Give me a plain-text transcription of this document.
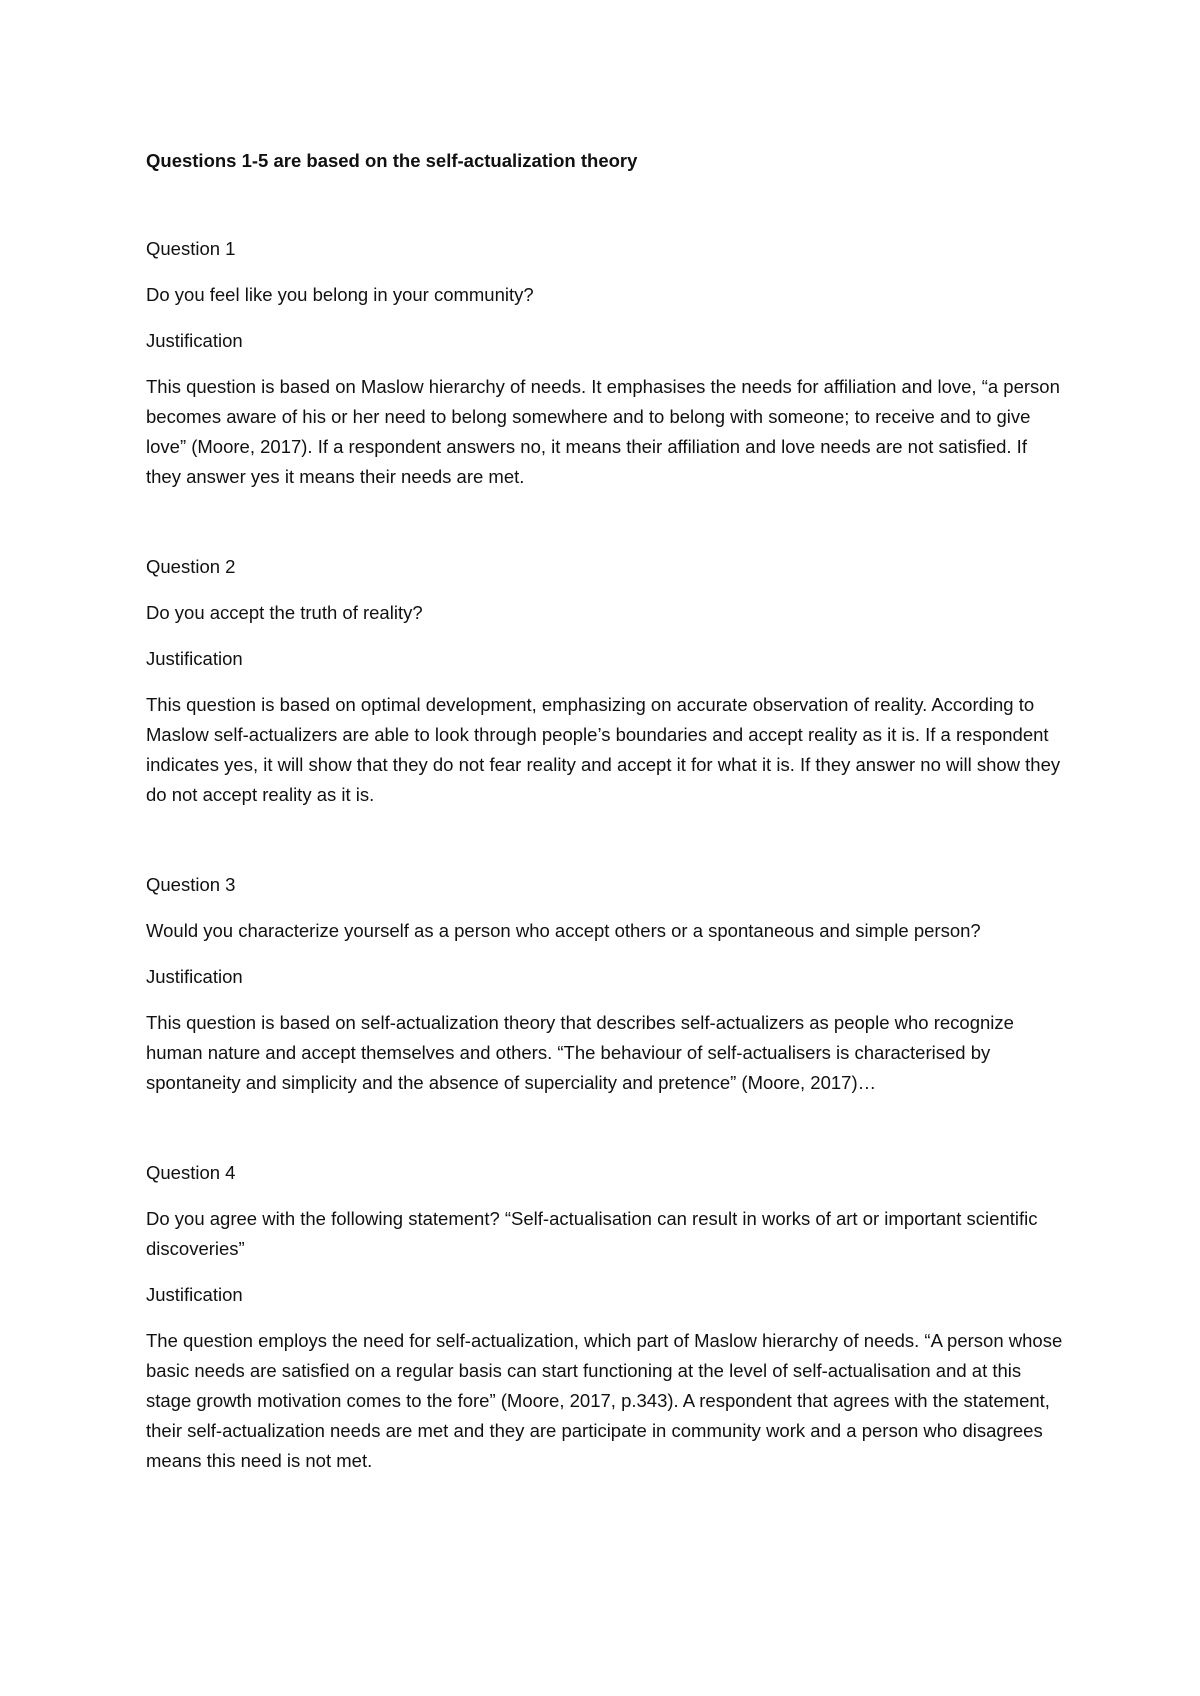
Questions 1-5 are based on the self-actualization theory

Question 1

Do you feel like you belong in your community?

Justification

This question is based on Maslow hierarchy of needs. It emphasises the needs for affiliation and love, “a person becomes aware of his or her need to belong somewhere and to belong with someone; to receive and to give love” (Moore, 2017). If a respondent answers no, it means their affiliation and love needs are not satisfied. If they answer yes it means their needs are met.

Question 2

Do you accept the truth of reality?

Justification

This question is based on optimal development, emphasizing on accurate observation of reality. According to Maslow self-actualizers are able to look through people’s boundaries and accept reality as it is. If a respondent indicates yes, it will show that they do not fear reality and accept it for what it is. If they answer no will show they do not accept reality as it is.

Question 3

Would you characterize yourself as a person who accept others or a spontaneous and simple person?

Justification

This question is based on self-actualization theory that describes self-actualizers as people who recognize human nature and accept themselves and others. “The behaviour of self-actualisers is characterised by spontaneity and simplicity and the absence of superciality and pretence” (Moore, 2017)…

Question 4

Do you agree with the following statement? “Self-actualisation can result in works of art or important scientific discoveries”

Justification

The question employs the need for self-actualization, which part of Maslow hierarchy of needs. “A person whose basic needs are satisfied on a regular basis can start functioning at the level of self-actualisation and at this stage growth motivation comes to the fore” (Moore, 2017, p.343). A respondent that agrees with the statement, their self-actualization needs are met and they are participate in community work and a person who disagrees means this need is not met.
